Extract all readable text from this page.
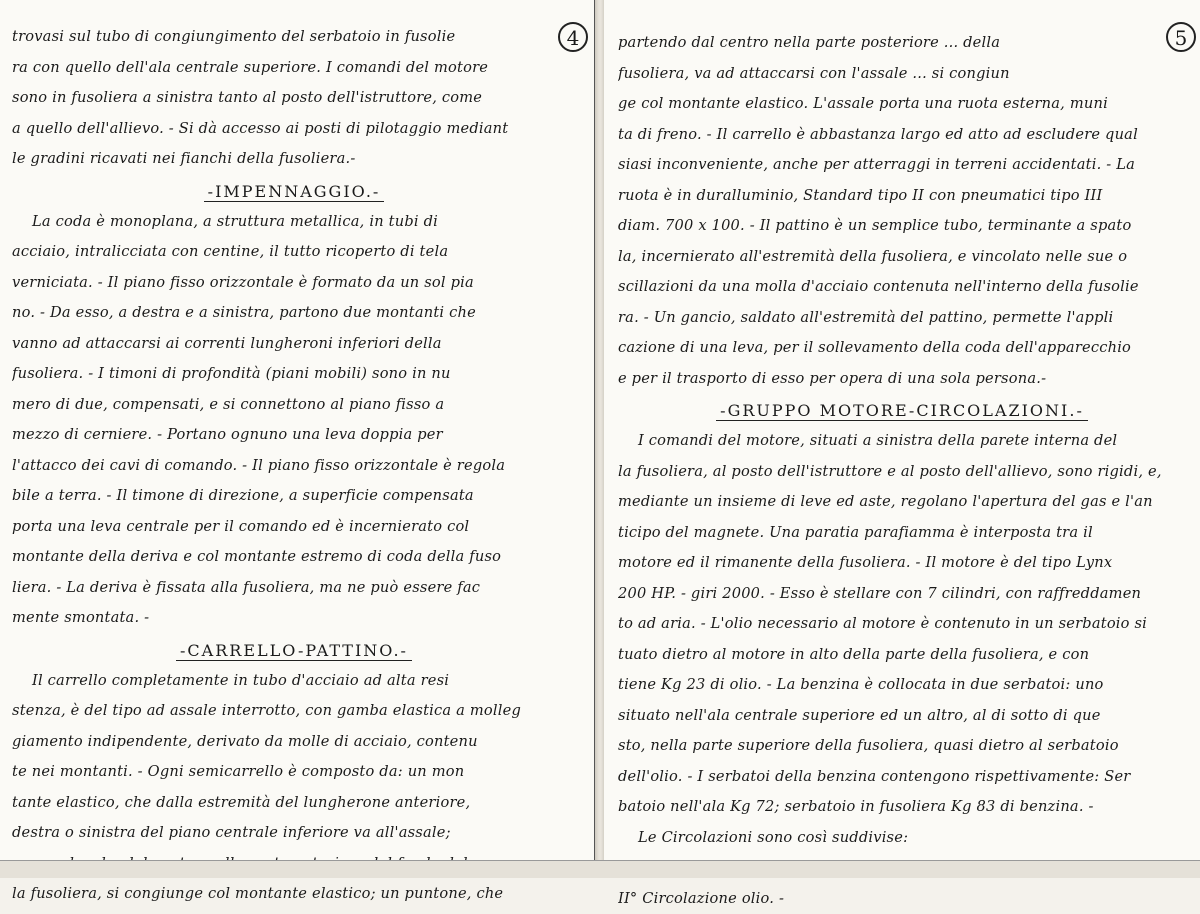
4

trovasi sul tubo di congiungimento del serbatoio in fusolie

ra con quello dell'ala centrale superiore. I comandi del motore

sono in fusoliera a sinistra tanto al posto dell'istruttore, come

a quello dell'allievo. - Si dà accesso ai posti di pilotaggio mediant

le gradini ricavati nei fianchi della fusoliera.-

-IMPENNAGGIO.-

La coda è monoplana, a struttura metallica, in tubi di

acciaio, intralicciata con centine, il tutto ricoperto di tela

verniciata. - Il piano fisso orizzontale è formato da un sol pia

no. - Da esso, a destra e a sinistra, partono due montanti che

vanno ad attaccarsi ai correnti lungheroni inferiori della

fusoliera. - I timoni di profondità (piani mobili) sono in nu

mero di due, compensati, e si connettono al piano fisso a

mezzo di cerniere. - Portano ognuno una leva doppia per

l'attacco dei cavi di comando. - Il piano fisso orizzontale è regola

bile a terra. - Il timone di direzione, a superficie compensata

porta una leva centrale per il comando ed è incernierato col

montante della deriva e col montante estremo di coda della fuso

liera. - La deriva è fissata alla fusoliera, ma ne può essere fac

mente smontata. -

-CARRELLO-PATTINO.-

Il carrello completamente in tubo d'acciaio ad alta resi

stenza, è del tipo ad assale interrotto, con gamba elastica a molleg

giamento indipendente, derivato da molle di acciaio, contenu

te nei montanti. - Ogni semicarrello è composto da: un mon

tante elastico, che dalla estremità del lungherone anteriore,

destra o sinistra del piano centrale inferiore va all'assale;

la fusoliera, si congiunge col montante elastico; un puntone, che

5

partendo dal centro nella parte posteriore ... della

fusoliera, va ad attaccarsi con l'assale ... si congiun

ge col montante elastico. L'assale porta una ruota esterna, muni

ta di freno. - Il carrello è abbastanza largo ed atto ad escludere qual

siasi inconveniente, anche per atterraggi in terreni accidentati. - La

ruota è in duralluminio, Standard tipo II con pneumatici tipo III

diam. 700 x 100. - Il pattino è un semplice tubo, terminante a spato

la, incernierato all'estremità della fusoliera, e vincolato nelle sue o

scillazioni da una molla d'acciaio contenuta nell'interno della fusolie

ra. - Un gancio, saldato all'estremità del pattino, permette l'appli

cazione di una leva, per il sollevamento della coda dell'apparecchio

e per il trasporto di esso per opera di una sola persona.-

-GRUPPO MOTORE-CIRCOLAZIONI.-

I comandi del motore, situati a sinistra della parete interna del

la fusoliera, al posto dell'istruttore e al posto dell'allievo, sono rigidi, e,

mediante un insieme di leve ed aste, regolano l'apertura del gas e l'an

ticipo del magnete. Una paratia parafiamma è interposta tra il

motore ed il rimanente della fusoliera. - Il motore è del tipo Lynx

200 HP. - giri 2000. - Esso è stellare con 7 cilindri, con raffreddamen

to ad aria. - L'olio necessario al motore è contenuto in un serbatoio si

tuato dietro al motore in alto della parte della fusoliera, e con

tiene Kg 23 di olio. - La benzina è collocata in due serbatoi: uno

situato nell'ala centrale superiore ed un altro, al di sotto di que

sto, nella parte superiore della fusoliera, quasi dietro al serbatoio

dell'olio. - I serbatoi della benzina contengono rispettivamente: Ser

batoio nell'ala Kg 72; serbatoio in fusoliera Kg 83 di benzina. -

Le Circolazioni sono così suddivise:

II° Circolazione olio. -
